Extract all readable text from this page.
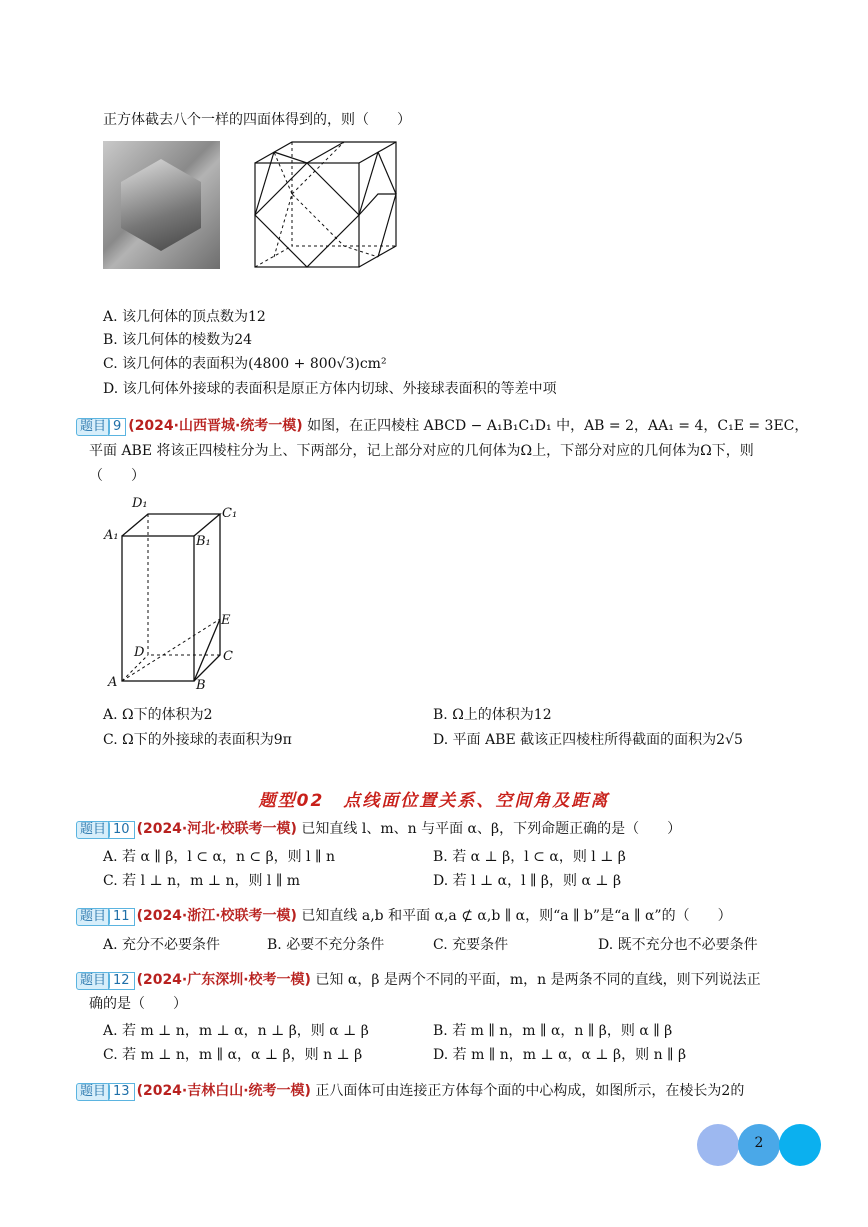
正方体截去八个一样的四面体得到的，则（　　）
A. 该几何体的顶点数为12
B. 该几何体的棱数为24
C. 该几何体的表面积为(4800 + 800√3)cm²
D. 该几何体外接球的表面积是原正方体内切球、外接球表面积的等差中项
题目 9 (2024·山西晋城·统考一模) 如图，在正四棱柱 ABCD − A₁B₁C₁D₁ 中，AB = 2，AA₁ = 4，C₁E = 3EC，
平面 ABE 将该正四棱柱分为上、下两部分，记上部分对应的几何体为Ω上，下部分对应的几何体为Ω下，则
（　　）
D₁
C₁
A₁	B₁
E
D	C
A	B
A. Ω下的体积为2	B. Ω上的体积为12
C. Ω下的外接球的表面积为9π	D. 平面 ABE 截该正四棱柱所得截面的面积为2√5
题型02　点线面位置关系、空间角及距离
题目 10 (2024·河北·校联考一模) 已知直线 l、m、n 与平面 α、β，下列命题正确的是（　　）
A. 若 α ∥ β，l ⊂ α，n ⊂ β，则 l ∥ n	B. 若 α ⊥ β，l ⊂ α，则 l ⊥ β
C. 若 l ⊥ n，m ⊥ n，则 l ∥ m	D. 若 l ⊥ α，l ∥ β，则 α ⊥ β
题目 11 (2024·浙江·校联考一模) 已知直线 a,b 和平面 α,a ⊄ α,b ∥ α，则“a ∥ b”是“a ∥ α”的（　　）
A. 充分不必要条件	B. 必要不充分条件	C. 充要条件	D. 既不充分也不必要条件
题目 12 (2024·广东深圳·校考一模) 已知 α，β 是两个不同的平面，m，n 是两条不同的直线，则下列说法正
确的是（　　）
A. 若 m ⊥ n，m ⊥ α，n ⊥ β，则 α ⊥ β	B. 若 m ∥ n，m ∥ α，n ∥ β，则 α ∥ β
C. 若 m ⊥ n，m ∥ α，α ⊥ β，则 n ⊥ β	D. 若 m ∥ n，m ⊥ α，α ⊥ β，则 n ∥ β
题目 13 (2024·吉林白山·统考一模) 正八面体可由连接正方体每个面的中心构成，如图所示，在棱长为2的
2
